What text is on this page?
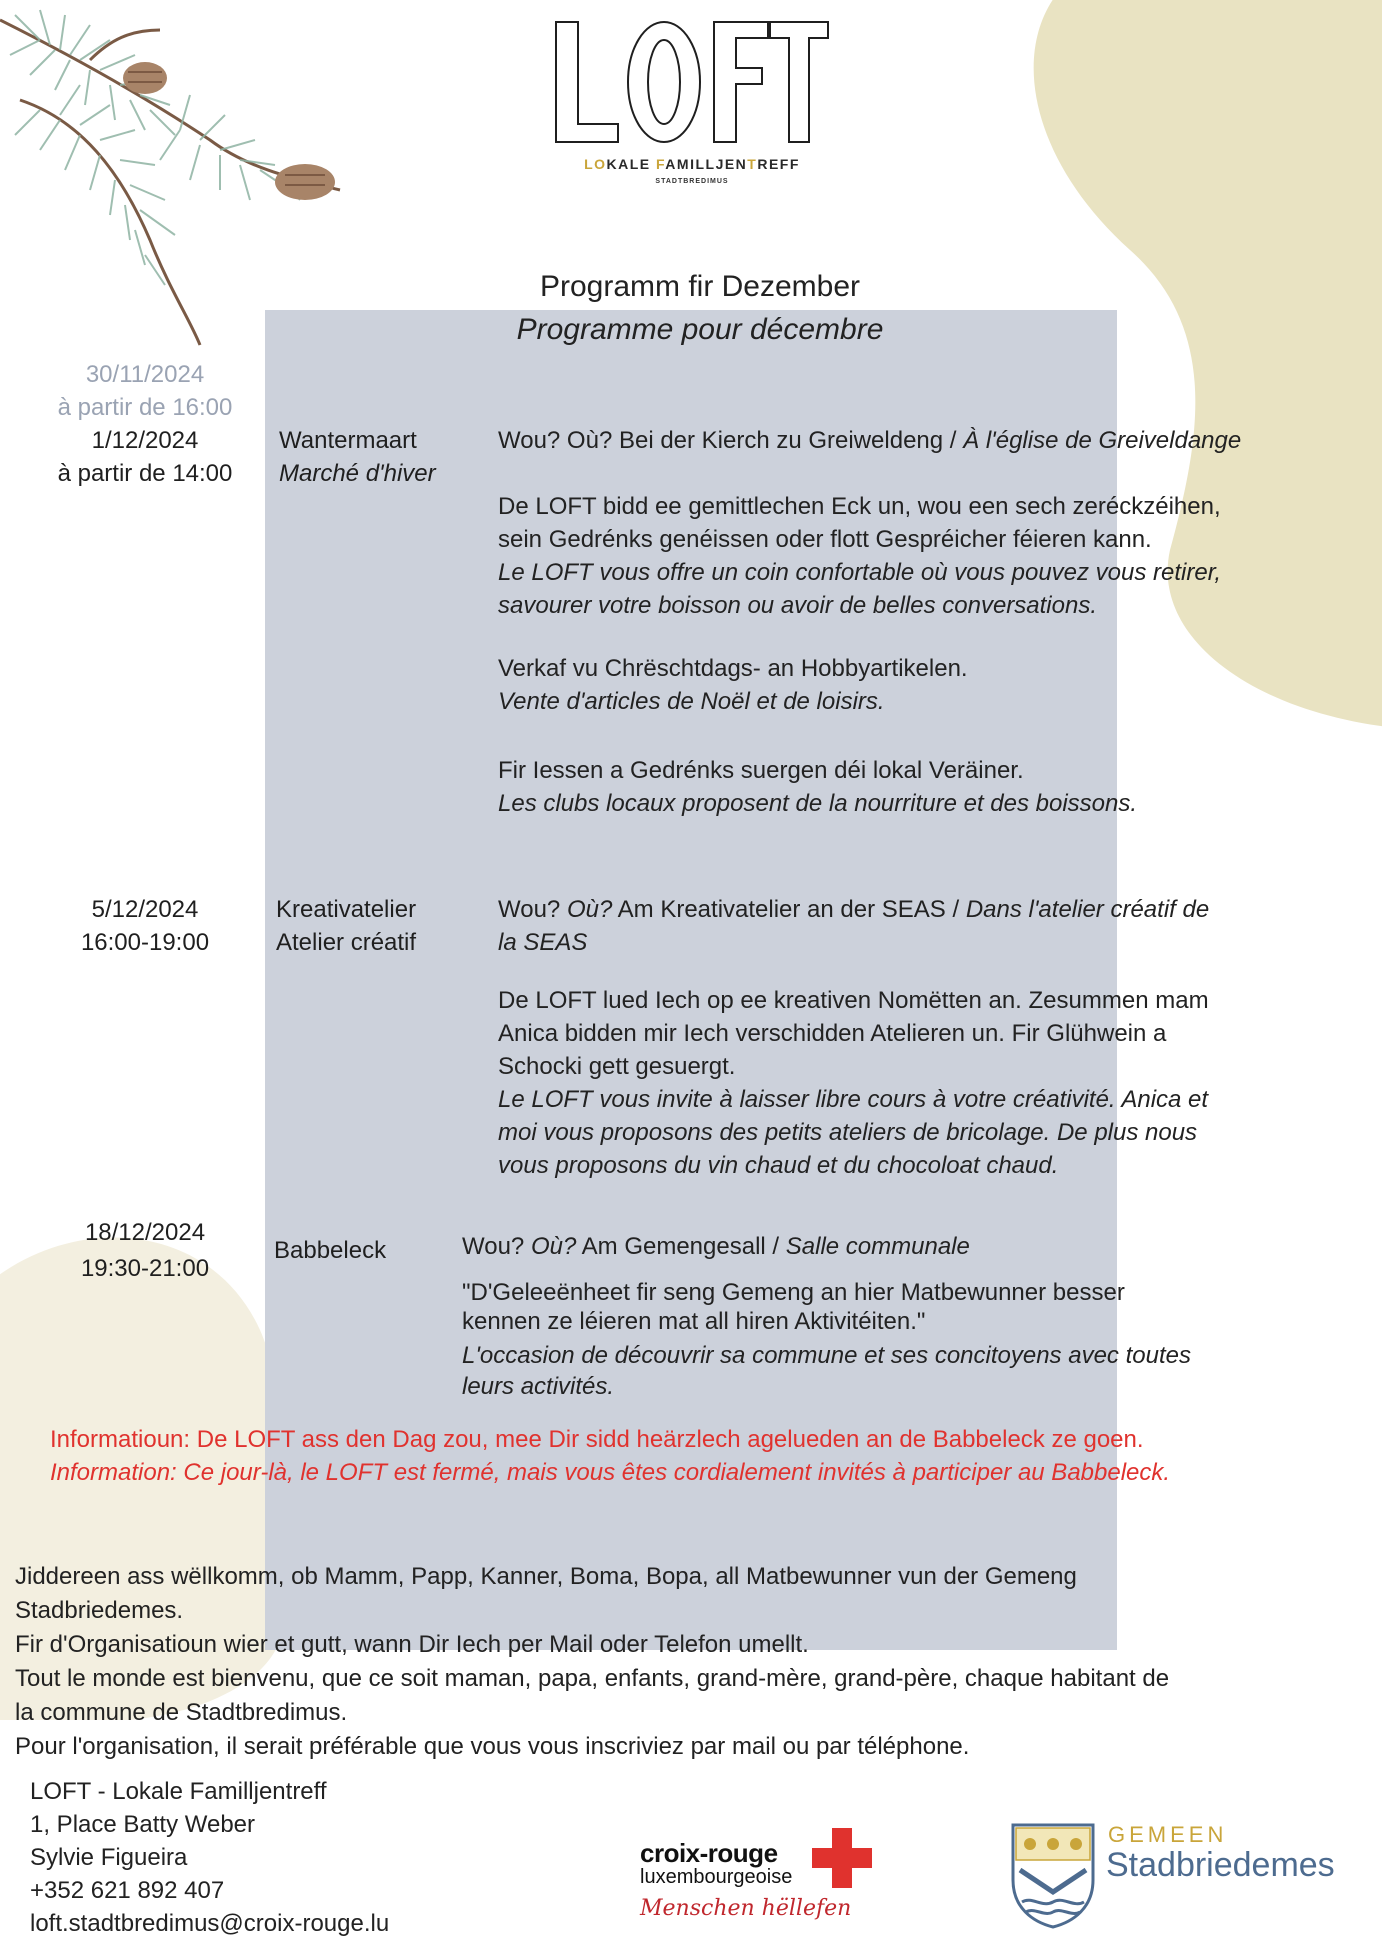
LOKALE FAMILLJENTREFF
STADTBREDIMUS
Programm fir Dezember
Programme pour décembre
30/11/2024
à partir de 16:00
1/12/2024
à partir de 14:00
Wantermaart
Marché d'hiver
Wou? Où? Bei der Kierch zu Greiweldeng / À l'église de Greiveldange
De LOFT bidd ee gemittlechen Eck un, wou een sech zeréckzéihen,
sein Gedrénks genéissen oder flott Gespréicher féieren kann.
Le LOFT vous offre un coin confortable où vous pouvez vous retirer,
savourer votre boisson ou avoir de belles conversations.
Verkaf vu Chrëschtdags- an Hobbyartikelen.
Vente d'articles de Noël et de loisirs.
Fir Iessen a Gedrénks suergen déi lokal Veräiner.
Les clubs locaux proposent de la nourriture et des boissons.
5/12/2024
16:00-19:00
Kreativatelier
Atelier créatif
Wou? Où? Am Kreativatelier an der SEAS / Dans l'atelier créatif de
la SEAS
De LOFT lued Iech op ee kreativen Nomëtten an. Zesummen mam
Anica bidden mir Iech verschidden Atelieren un. Fir Glühwein a
Schocki gett gesuergt.
Le LOFT vous invite à laisser libre cours à votre créativité. Anica et
moi vous proposons des petits ateliers de bricolage. De plus nous
vous proposons du vin chaud et du chocoloat chaud.
18/12/2024
19:30-21:00
Babbeleck	Wou? Où? Am Gemengesall / Salle communale
"D'Geleeënheet fir seng Gemeng an hier Matbewunner besser
kennen ze léieren mat all hiren Aktivitéiten."
L'occasion de découvrir sa commune et ses concitoyens avec toutes
leurs activités.
Informatioun: De LOFT ass den Dag zou, mee Dir sidd heärzlech agelueden an de Babbeleck ze goen.
Information: Ce jour-là, le LOFT est fermé, mais vous êtes cordialement invités à participer au Babbeleck.
Jiddereen ass wëllkomm, ob Mamm, Papp, Kanner, Boma, Bopa, all Matbewunner vun der Gemeng
Stadbriedemes.
Fir d'Organisatioun wier et gutt, wann Dir Iech per Mail oder Telefon umellt.
Tout le monde est bienvenu, que ce soit maman, papa, enfants, grand-mère, grand-père, chaque habitant de
la commune de Stadtbredimus.
Pour l'organisation, il serait préférable que vous vous inscriviez par mail ou par téléphone.
LOFT - Lokale Familljentreff
1, Place Batty Weber
Sylvie Figueira
+352 621 892 407
loft.stadtbredimus@croix-rouge.lu
croix-rouge
luxembourgeoise
Menschen hëllefen
GEMEEN
Stadbriedemes
